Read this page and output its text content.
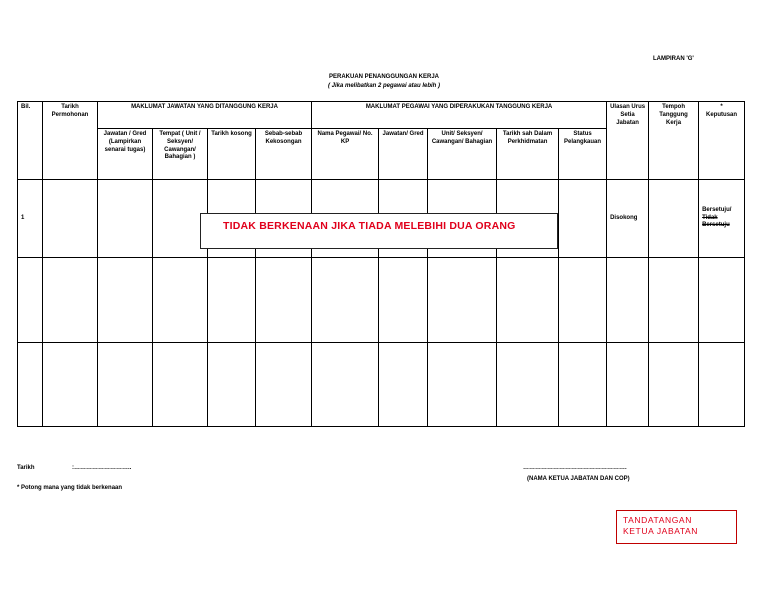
LAMPIRAN 'G'
PERAKUAN PENANGGUNGAN KERJA
( Jika melibatkan 2 pegawai atau lebih )
Bil.	Tarikh Permohonan	MAKLUMAT JAWATAN YANG DITANGGUNG KERJA				MAKLUMAT PEGAWAI YANG DIPERAKUKAN TANGGUNG KERJA					Ulasan Urus Setia Jabatan	Tempoh Tanggung Kerja	*
Keputusan

		Jawatan / Gred (Lampirkan senarai tugas)	Tempat ( Unit / Seksyen/ Cawangan/ Bahagian )	Tarikh kosong	Sebab-sebab Kekosongan	Nama Pegawai/ No. KP	Jawatan/ Gred	Unit/ Seksyen/ Cawangan/ Bahagian	Tarikh sah Dalam Perkhidmatan	Status Pelangkauan			
1											Disokong		Bersetuju/
Tidak Bersetuju

TIDAK BERKENAAN JIKA TIADA MELEBIHI DUA ORANG
Tarikh	:………………………..
* Potong mana yang tidak berkenaan
…………………………………………….
(NAMA KETUA JABATAN DAN COP)
TANDATANGAN
KETUA JABATAN
